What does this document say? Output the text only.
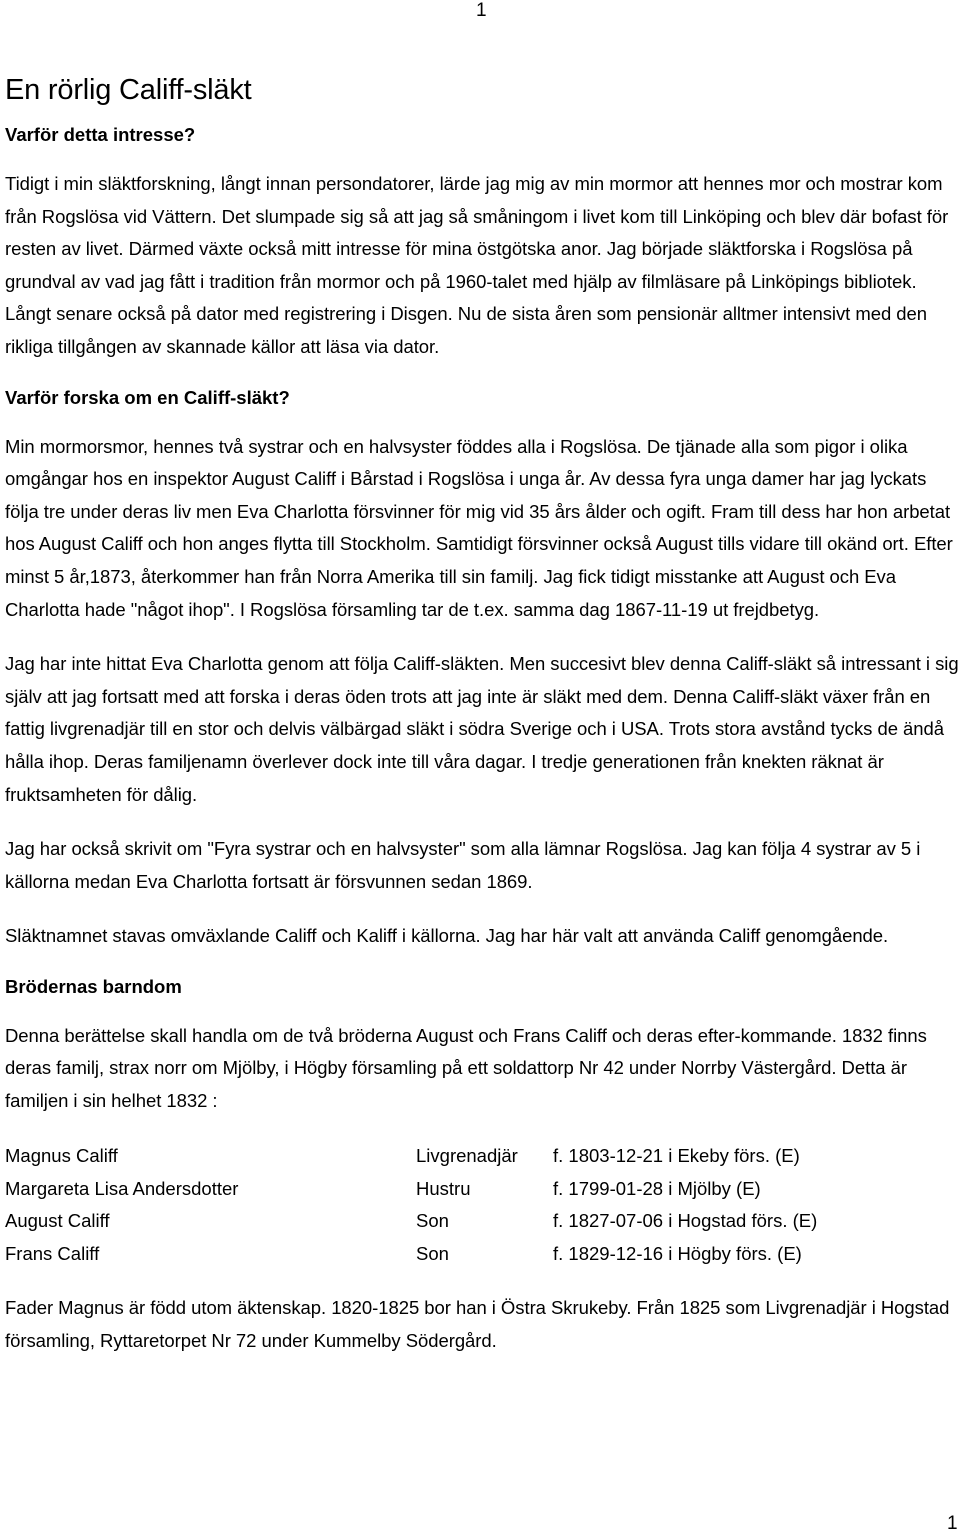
1
En rörlig Califf-släkt
Varför detta intresse?

Tidigt i min släktforskning, långt innan persondatorer, lärde jag mig av min mormor att hennes mor och mostrar kom från Rogslösa vid Vättern. Det slumpade sig så att jag så småningom i livet kom till Linköping och blev där bofast för resten av livet. Därmed växte också mitt intresse för mina östgötska anor. Jag började släktforska i Rogslösa på grundval av vad jag fått i tradition från mormor och på 1960-talet med hjälp av filmläsare på Linköpings bibliotek. Långt senare också på dator med registrering i Disgen. Nu de sista åren som pensionär alltmer intensivt med den rikliga tillgången av skannade källor att läsa via dator.

Varför forska om en Califf-släkt?

Min mormorsmor, hennes två systrar och en halvsyster föddes alla i Rogslösa. De tjänade alla som pigor i olika omgångar hos en inspektor August Califf i Bårstad i Rogslösa i unga år. Av dessa fyra unga damer har jag lyckats följa tre under deras liv men Eva Charlotta försvinner för mig vid 35 års ålder och ogift. Fram till dess har hon arbetat hos August Califf och hon anges flytta till Stockholm. Samtidigt försvinner också August tills vidare till okänd ort. Efter minst 5 år,1873, återkommer han från Norra Amerika till sin familj. Jag fick tidigt misstanke att August och Eva Charlotta hade "något ihop". I Rogslösa församling tar de t.ex. samma dag 1867-11-19 ut frejdbetyg.

Jag har inte hittat Eva Charlotta genom att följa Califf-släkten. Men succesivt blev denna Califf-släkt så intressant i sig själv att jag fortsatt med att forska i deras öden trots att jag inte är släkt med dem. Denna Califf-släkt växer från en fattig livgrenadjär till en stor och delvis välbärgad släkt i södra Sverige och i USA. Trots stora avstånd tycks de ändå hålla ihop. Deras familjenamn överlever dock inte till våra dagar. I tredje generationen från knekten räknat är fruktsamheten för dålig.

Jag har också skrivit om "Fyra systrar och en halvsyster" som alla lämnar Rogslösa. Jag kan följa 4 systrar av 5 i källorna medan Eva Charlotta fortsatt är försvunnen sedan 1869.

Släktnamnet stavas omväxlande Califf och Kaliff i källorna. Jag har här valt att använda Califf genomgående.

Brödernas barndom

Denna berättelse skall handla om de två bröderna August och Frans Califf och deras efter-kommande. 1832 finns deras familj, strax norr om Mjölby, i Högby församling på ett soldattorp Nr 42 under Norrby Västergård. Detta är familjen i sin helhet 1832 :

Magnus Califf	Livgrenadjär	f. 1803-12-21 i Ekeby förs. (E)
Margareta Lisa Andersdotter	Hustru	f. 1799-01-28 i Mjölby (E)
August Califf	Son	f. 1827-07-06 i Hogstad förs. (E)
Frans Califf	Son	f. 1829-12-16 i Högby förs. (E)

Fader Magnus är född utom äktenskap. 1820-1825 bor han i Östra Skrukeby. Från 1825 som Livgrenadjär i Hogstad församling, Ryttaretorpet Nr 72 under Kummelby Södergård.

1
